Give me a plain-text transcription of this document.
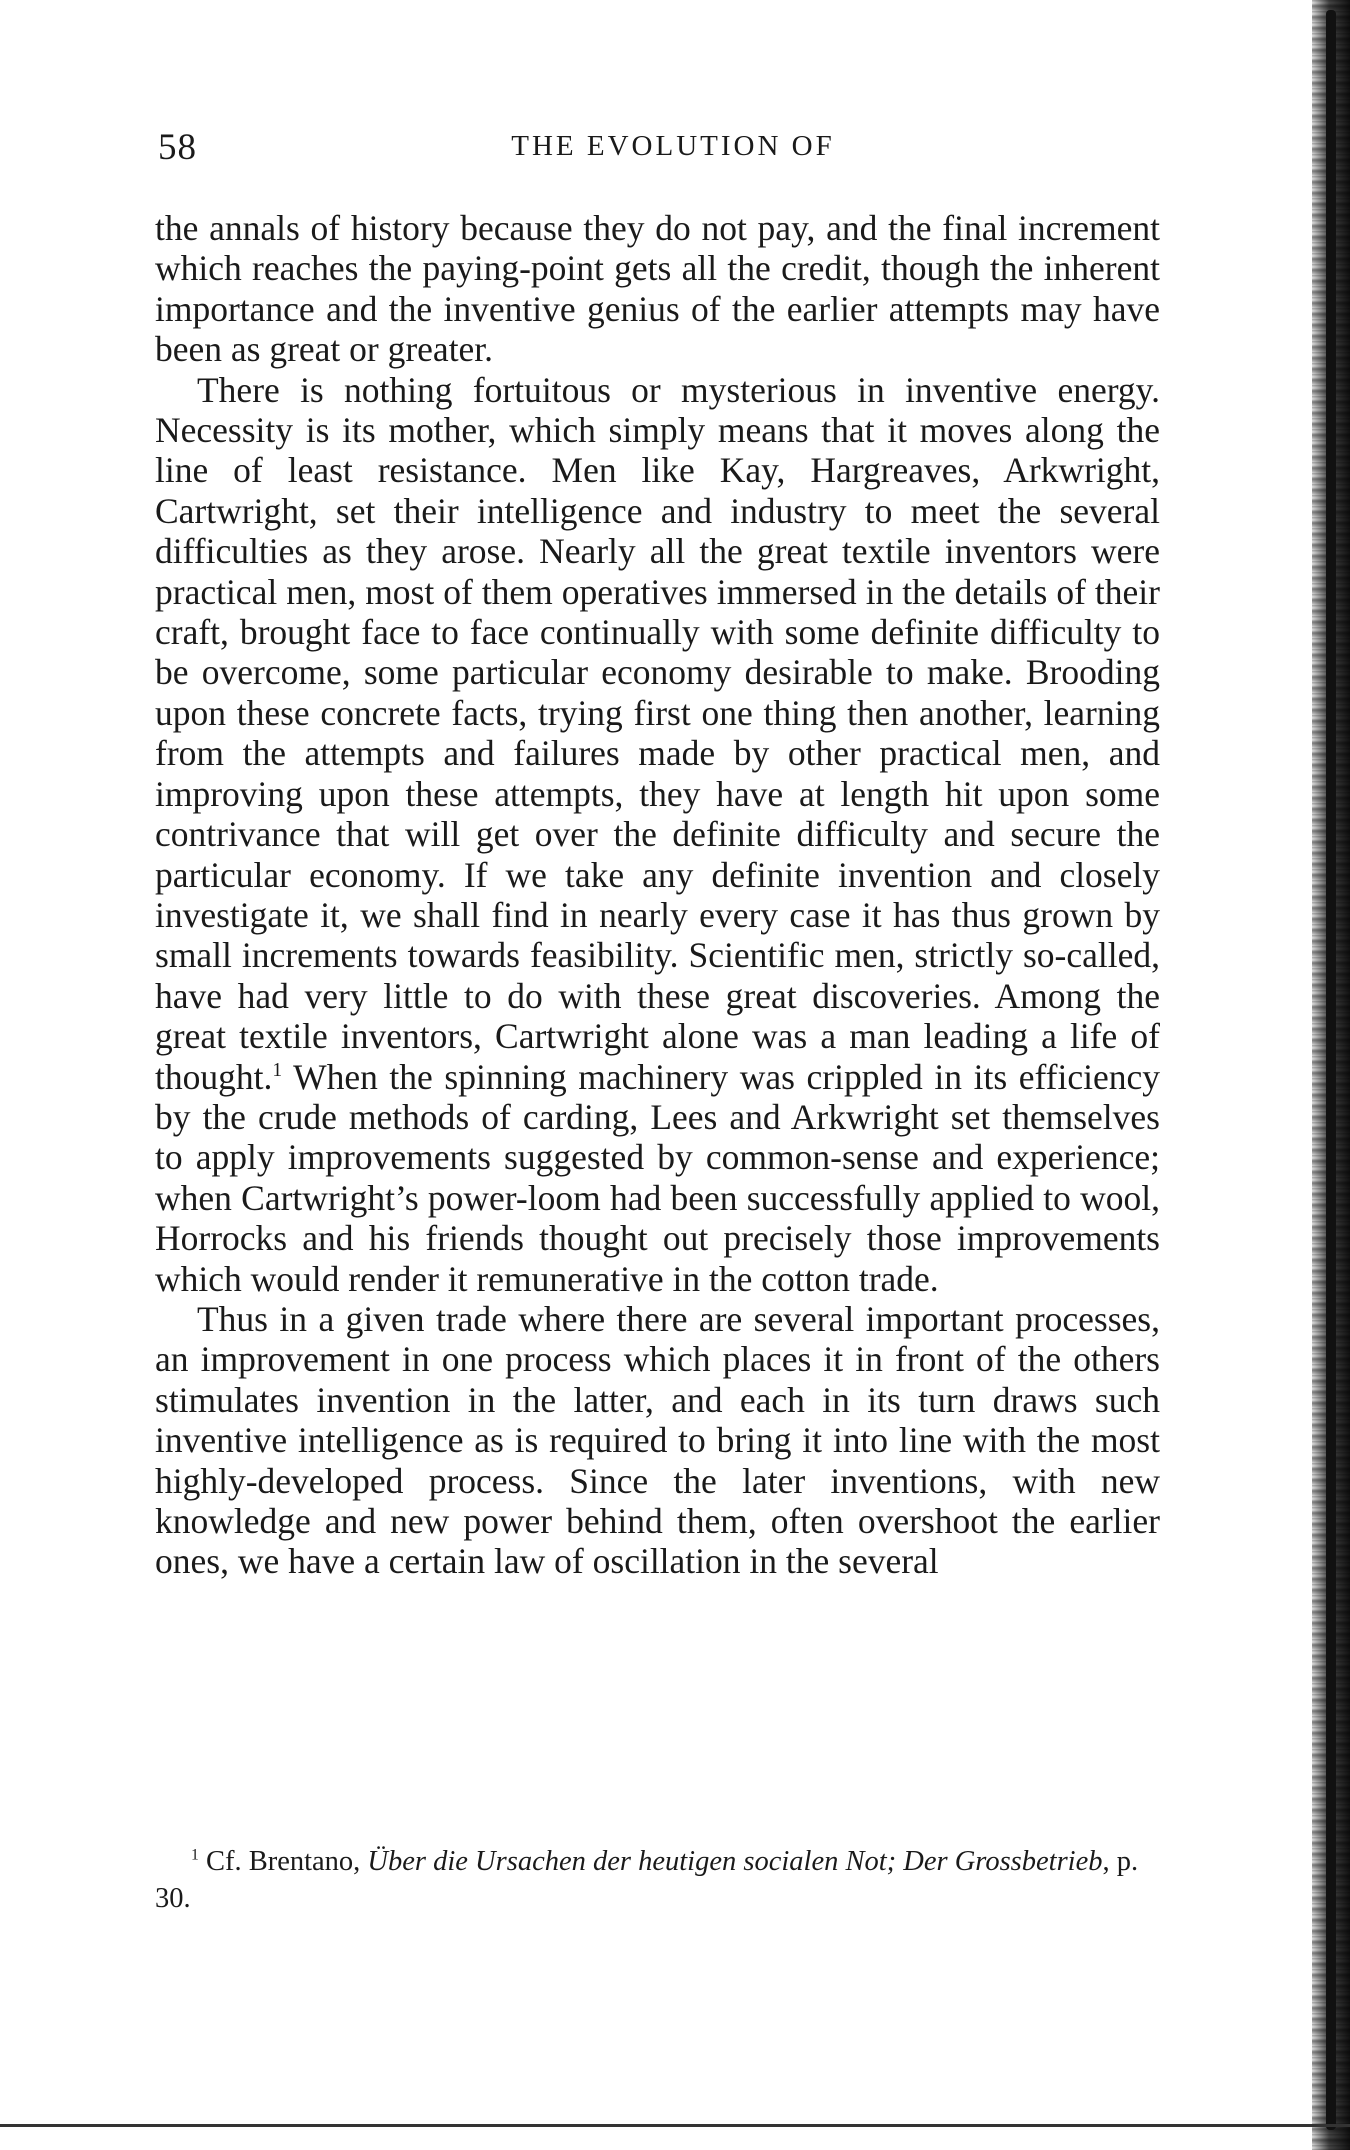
58	THE EVOLUTION OF

the annals of history because they do not pay, and the final increment which reaches the paying-point gets all the credit, though the inherent importance and the inventive genius of the earlier attempts may have been as great or greater.

There is nothing fortuitous or mysterious in inventive energy. Necessity is its mother, which simply means that it moves along the line of least resistance. Men like Kay, Hargreaves, Arkwright, Cartwright, set their intelligence and industry to meet the several difficulties as they arose. Nearly all the great textile inventors were practical men, most of them operatives immersed in the details of their craft, brought face to face continually with some definite difficulty to be overcome, some particular economy desirable to make. Brooding upon these concrete facts, trying first one thing then another, learning from the attempts and failures made by other practical men, and improving upon these attempts, they have at length hit upon some contrivance that will get over the definite difficulty and secure the particular economy. If we take any definite invention and closely investigate it, we shall find in nearly every case it has thus grown by small increments towards feasibility. Scientific men, strictly so-called, have had very little to do with these great discoveries. Among the great textile inventors, Cartwright alone was a man leading a life of thought.$^1$ When the spinning machinery was crippled in its efficiency by the crude methods of carding, Lees and Arkwright set themselves to apply improvements suggested by common-sense and experience; when Cartwright’s power-loom had been successfully applied to wool, Horrocks and his friends thought out precisely those improvements which would render it remunerative in the cotton trade.

Thus in a given trade where there are several important processes, an improvement in one process which places it in front of the others stimulates invention in the latter, and each in its turn draws such inventive intelligence as is required to bring it into line with the most highly-developed process. Since the later inventions, with new knowledge and new power behind them, often overshoot the earlier ones, we have a certain law of oscillation in the several

$^1$ Cf. Brentano, Über die Ursachen der heutigen socialen Not; Der Grossbetrieb, p. 30.
